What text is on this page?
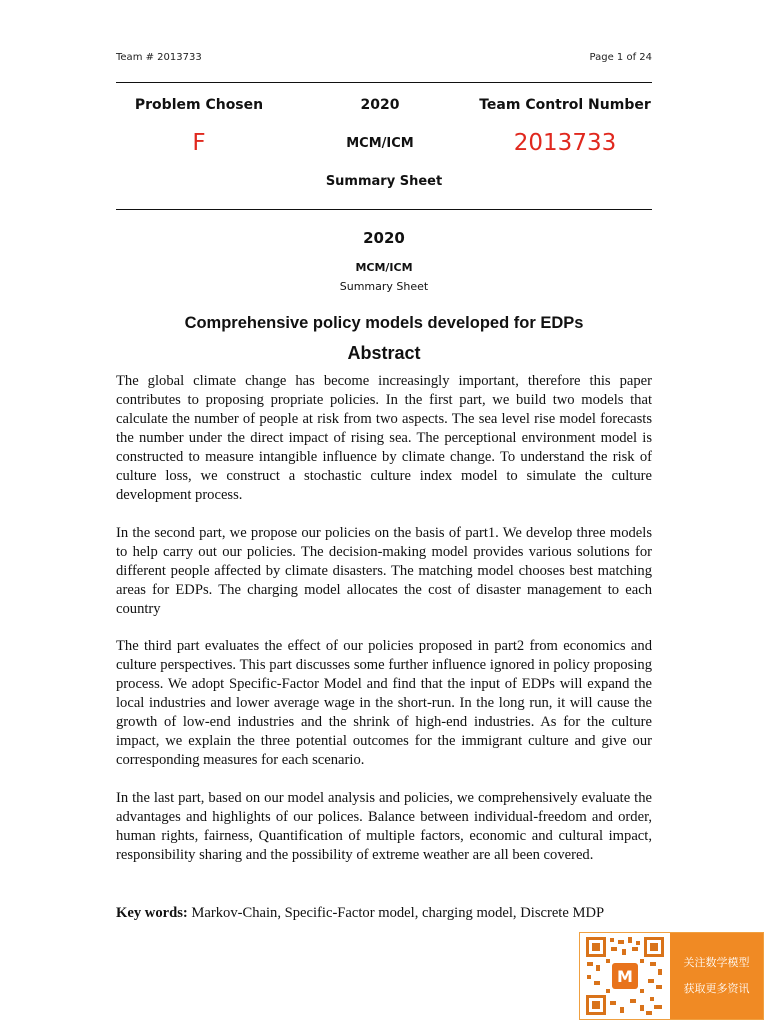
Team # 2013733	Page 1 of 24
Problem Chosen	2020	Team Control Number
F	MCM/ICM	2013733
Summary Sheet
2020
MCM/ICM
Summary Sheet
Comprehensive policy models developed for EDPs
Abstract

The global climate change has become increasingly important, therefore this paper contributes to proposing propriate policies. In the first part, we build two models that calculate the number of people at risk from two aspects. The sea level rise model forecasts the number under the direct impact of rising sea. The perceptional environment model is constructed to measure intangible influence by climate change. To understand the risk of culture loss, we construct a stochastic culture index model to simulate the culture development process.

In the second part, we propose our policies on the basis of part1. We develop three models to help carry out our policies. The decision-making model provides various solutions for different people affected by climate disasters. The matching model chooses best matching areas for EDPs. The charging model allocates the cost of disaster management to each country

The third part evaluates the effect of our policies proposed in part2 from economics and culture perspectives. This part discusses some further influence ignored in policy proposing process. We adopt Specific-Factor Model and find that the input of EDPs will expand the local industries and lower average wage in the short-run. In the long run, it will cause the growth of low-end industries and the shrink of high-end industries. As for the culture impact, we explain the three potential outcomes for the immigrant culture and give our corresponding measures for each scenario.

In the last part, based on our model analysis and policies, we comprehensively evaluate the advantages and highlights of our polices. Balance between individual-freedom and order, human rights, fairness, Quantification of multiple factors, economic and cultural impact, responsibility sharing and the possibility of extreme weather are all been covered.

Key words: Markov-Chain, Specific-Factor model, charging model, Discrete MDP
M
关注数学模型
获取更多资讯
